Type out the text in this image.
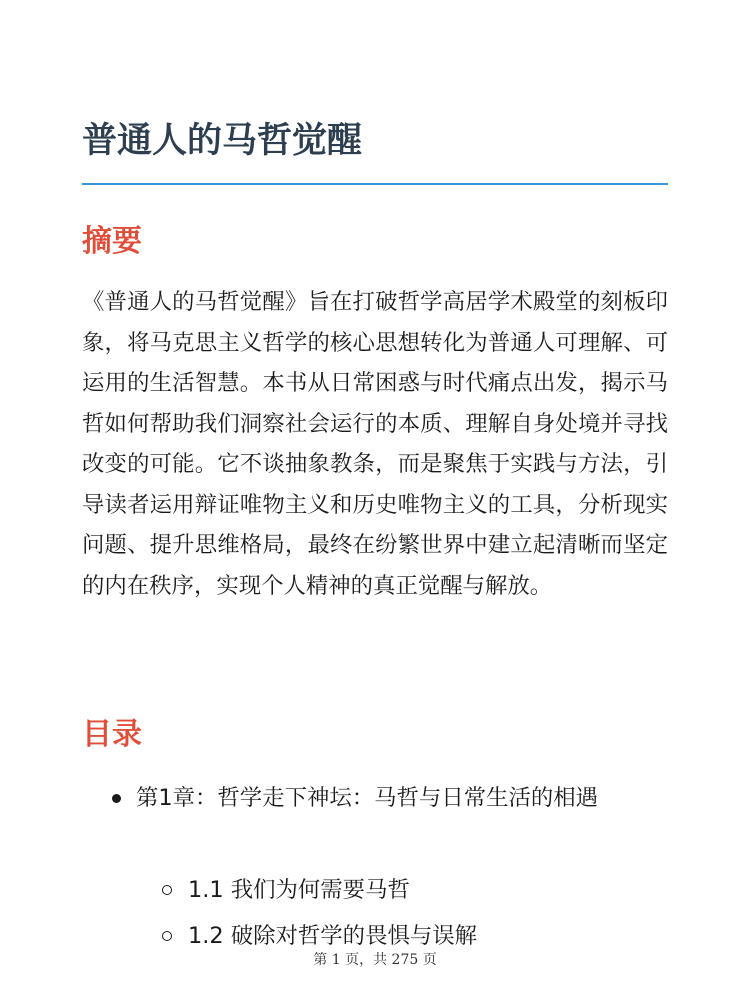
普通人的马哲觉醒
摘要

《普通人的马哲觉醒》旨在打破哲学高居学术殿堂的刻板印象，将马克思主义哲学的核心思想转化为普通人可理解、可运用的生活智慧。本书从日常困惑与时代痛点出发，揭示马哲如何帮助我们洞察社会运行的本质、理解自身处境并寻找改变的可能。它不谈抽象教条，而是聚焦于实践与方法，引导读者运用辩证唯物主义和历史唯物主义的工具，分析现实问题、提升思维格局，最终在纷繁世界中建立起清晰而坚定的内在秩序，实现个人精神的真正觉醒与解放。

目录
第1章：哲学走下神坛：马哲与日常生活的相遇
1.1 我们为何需要马哲
1.2 破除对哲学的畏惧与误解
第 1 页，共 275 页
